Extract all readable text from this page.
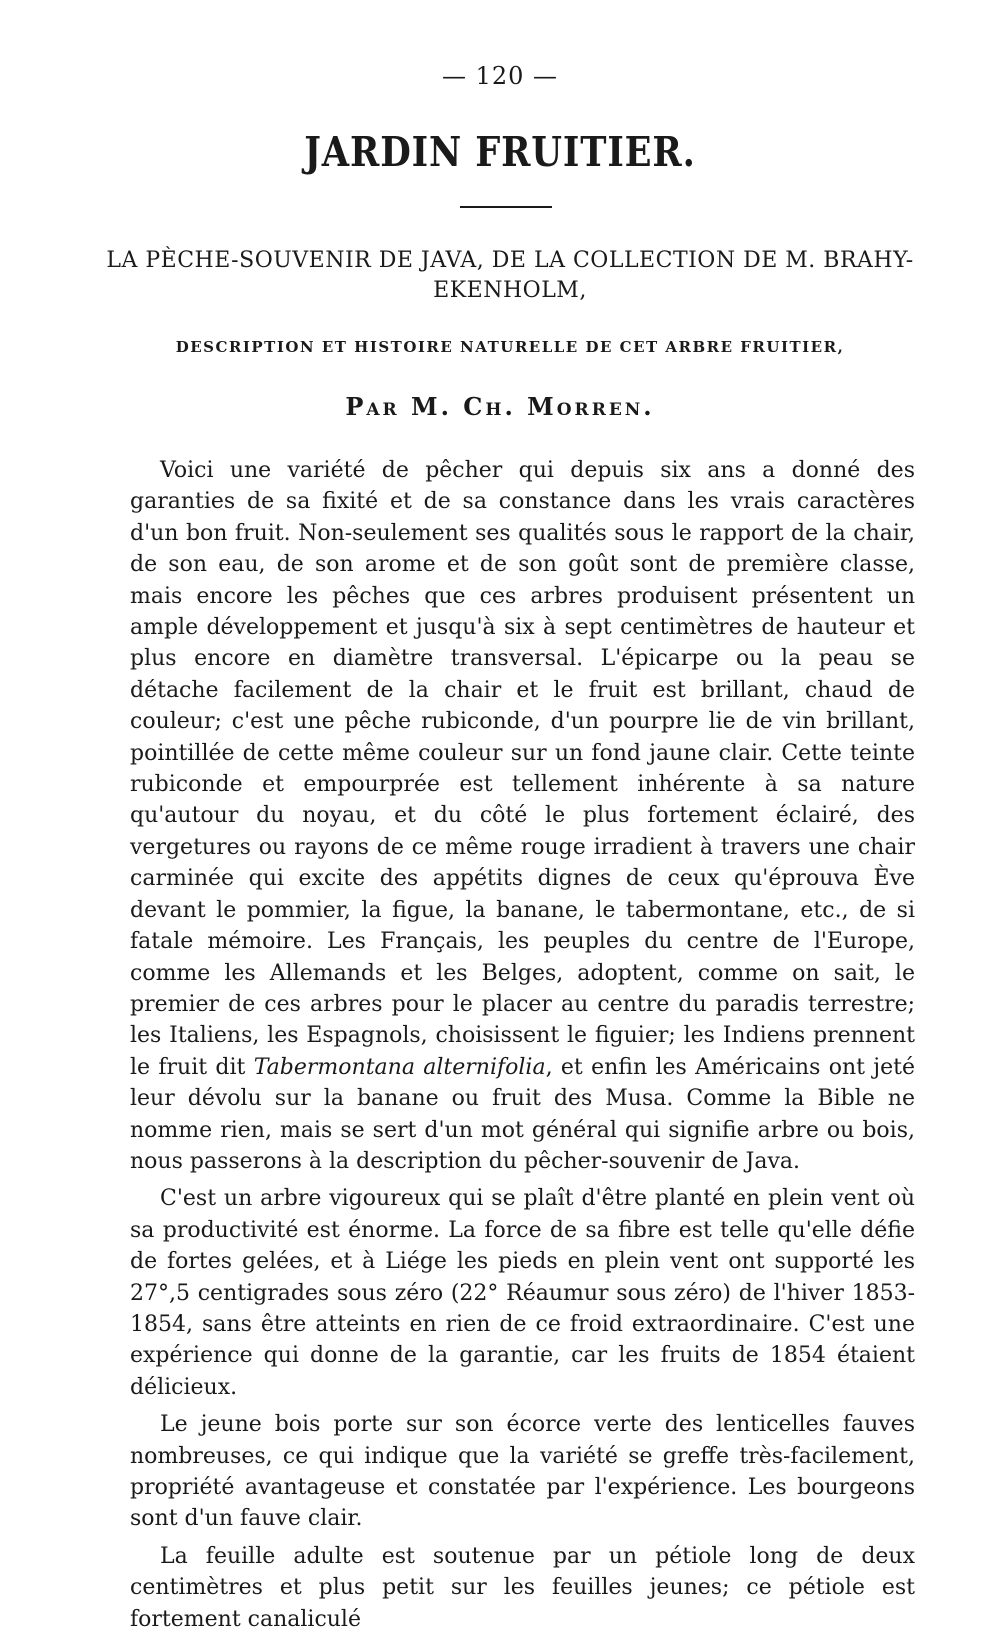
— 120 —
JARDIN FRUITIER.
LA PÈCHE-SOUVENIR DE JAVA, DE LA COLLECTION DE M. BRAHY-EKENHOLM,
DESCRIPTION ET HISTOIRE NATURELLE DE CET ARBRE FRUITIER,
Par M. Ch. Morren.

Voici une variété de pêcher qui depuis six ans a donné des garanties de sa fixité et de sa constance dans les vrais caractères d'un bon fruit. Non-seulement ses qualités sous le rapport de la chair, de son eau, de son arome et de son goût sont de première classe, mais encore les pêches que ces arbres produisent présentent un ample développement et jusqu'à six à sept centimètres de hauteur et plus encore en diamètre transversal. L'épicarpe ou la peau se détache facilement de la chair et le fruit est brillant, chaud de couleur; c'est une pêche rubiconde, d'un pourpre lie de vin brillant, pointillée de cette même couleur sur un fond jaune clair. Cette teinte rubiconde et empourprée est tellement inhérente à sa nature qu'autour du noyau, et du côté le plus fortement éclairé, des vergetures ou rayons de ce même rouge irradient à travers une chair carminée qui excite des appétits dignes de ceux qu'éprouva Ève devant le pommier, la figue, la banane, le tabermontane, etc., de si fatale mémoire. Les Français, les peuples du centre de l'Europe, comme les Allemands et les Belges, adoptent, comme on sait, le premier de ces arbres pour le placer au centre du paradis terrestre; les Italiens, les Espagnols, choisissent le figuier; les Indiens prennent le fruit dit Tabermontana alternifolia, et enfin les Américains ont jeté leur dévolu sur la banane ou fruit des Musa. Comme la Bible ne nomme rien, mais se sert d'un mot général qui signifie arbre ou bois, nous passerons à la description du pêcher-souvenir de Java.

C'est un arbre vigoureux qui se plaît d'être planté en plein vent où sa productivité est énorme. La force de sa fibre est telle qu'elle défie de fortes gelées, et à Liége les pieds en plein vent ont supporté les 27°,5 centigrades sous zéro (22° Réaumur sous zéro) de l'hiver 1853-1854, sans être atteints en rien de ce froid extraordinaire. C'est une expérience qui donne de la garantie, car les fruits de 1854 étaient délicieux.

Le jeune bois porte sur son écorce verte des lenticelles fauves nombreuses, ce qui indique que la variété se greffe très-facilement, propriété avantageuse et constatée par l'expérience. Les bourgeons sont d'un fauve clair.

La feuille adulte est soutenue par un pétiole long de deux centimètres et plus petit sur les feuilles jeunes; ce pétiole est fortement canaliculé
